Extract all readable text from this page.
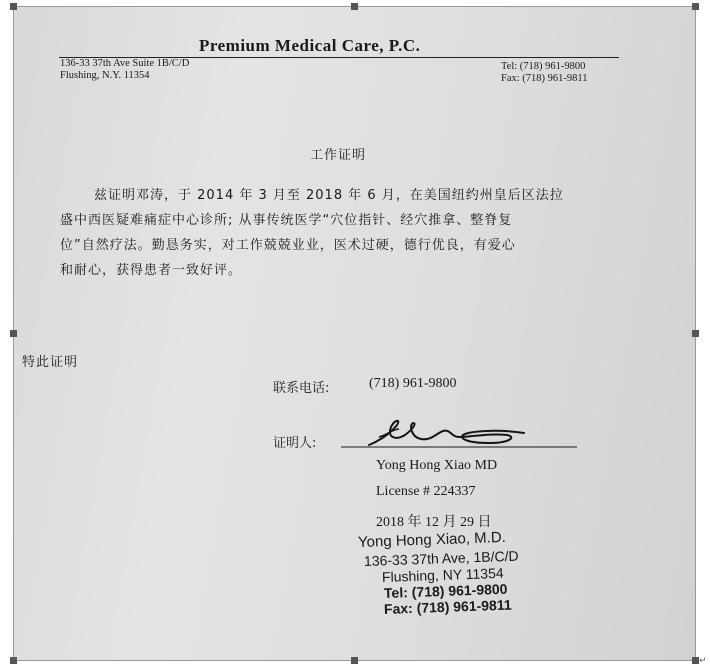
Premium Medical Care, P.C.
136-33 37th Ave Suite 1B/C/D
Flushing, N.Y. 11354
Tel: (718) 961-9800
Fax: (718) 961-9811
工作证明
兹证明邓涛，于 2014 年 3 月至 2018 年 6 月，在美国纽约州皇后区法拉
盛中西医疑难痛症中心诊所; 从事传统医学“穴位指针、经穴推拿、整脊复
位”自然疗法。勤恳务实，对工作兢兢业业，医术过硬，德行优良，有爱心
和耐心，获得患者一致好评。
特此证明
联系电话:	(718) 961-9800
证明人:
Yong Hong Xiao MD
License # 224337
2018 年 12 月 29 日
Yong Hong Xiao, M.D.
136-33 37th Ave, 1B/C/D
Flushing, NY 11354
Tel: (718) 961-9800
Fax: (718) 961-9811
↵
